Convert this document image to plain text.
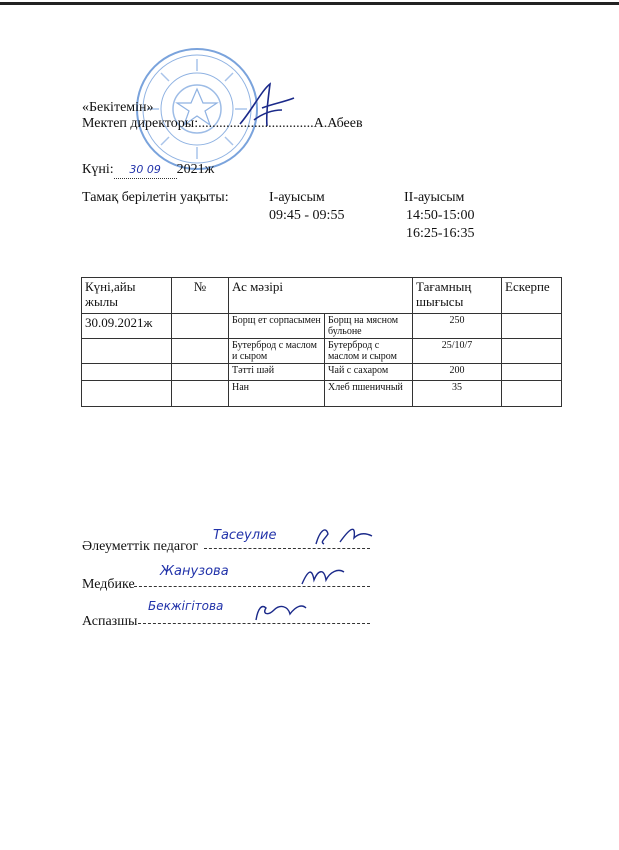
«Бекітемін»
Мектеп директоры:.................................А.Абеев
Күні: 30 09 2021ж
Тамақ берілетін уақыты:	I-ауысым
09:45 - 09:55
II-ауысым
14:50-15:00
16:25-16:35
Күні,айы жылы	№	Ас мәзірі		Тағамның шығысы	Ескерпе
30.09.2021ж		Борщ ет сорпасымен	Борщ на мясном бульоне	250	
		Бутерброд с маслом и сыром	Бутерброд с маслом и сыром	25/10/7	
		Тәтті шәй	Чай с сахаром	200	
		Нан	Хлеб пшеничный	35	
Әлеуметтік педагог
Тасеулие
Медбике
Жанузова
Аспазшы
Бекжігітова
